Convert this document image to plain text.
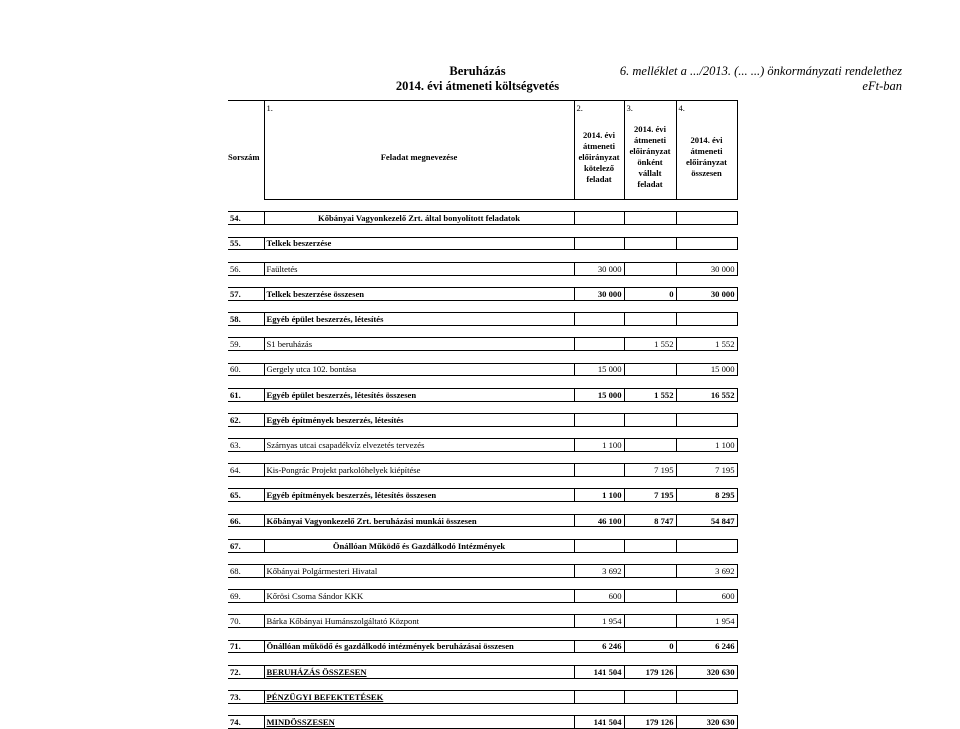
Beruházás
2014. évi átmeneti költségvetés
6. melléklet a .../2013. (... ...) önkormányzati rendelethez
eFt-ban
	1.	2.	3.	4.
Sorszám	Feladat megnevezése	2014. évi átmeneti előirányzat kötelező feladat	2014. évi átmeneti előirányzat önként vállalt feladat	2014. évi átmeneti előirányzat összesen

54.	Kőbányai Vagyonkezelő Zrt. által bonyolított feladatok			

55.	Telkek beszerzése			

56.	Faültetés	30 000		30 000

57.	Telkek beszerzése összesen	30 000	0	30 000

58.	Egyéb épület beszerzés, létesítés			

59.	S1 beruházás		1 552	1 552

60.	Gergely utca 102. bontása	15 000		15 000

61.	Egyéb épület beszerzés, létesítés összesen	15 000	1 552	16 552

62.	Egyéb építmények beszerzés, létesítés			

63.	Szárnyas utcai csapadékvíz elvezetés tervezés	1 100		1 100

64.	Kis-Pongrác Projekt parkolóhelyek kiépítése		7 195	7 195

65.	Egyéb építmények beszerzés, létesítés összesen	1 100	7 195	8 295

66.	Kőbányai Vagyonkezelő Zrt. beruházási munkái összesen	46 100	8 747	54 847

67.	Önállóan Működő és Gazdálkodó Intézmények			

68.	Kőbányai Polgármesteri Hivatal	3 692		3 692

69.	Kőrösi Csoma Sándor KKK	600		600

70.	Bárka Kőbányai Humánszolgáltató Központ	1 954		1 954

71.	Önállóan működő és gazdálkodó intézmények beruházásai összesen	6 246	0	6 246

72.	BERUHÁZÁS ÖSSZESEN	141 504	179 126	320 630

73.	PÉNZÜGYI BEFEKTETÉSEK			

74.	MINDÖSSZESEN	141 504	179 126	320 630
